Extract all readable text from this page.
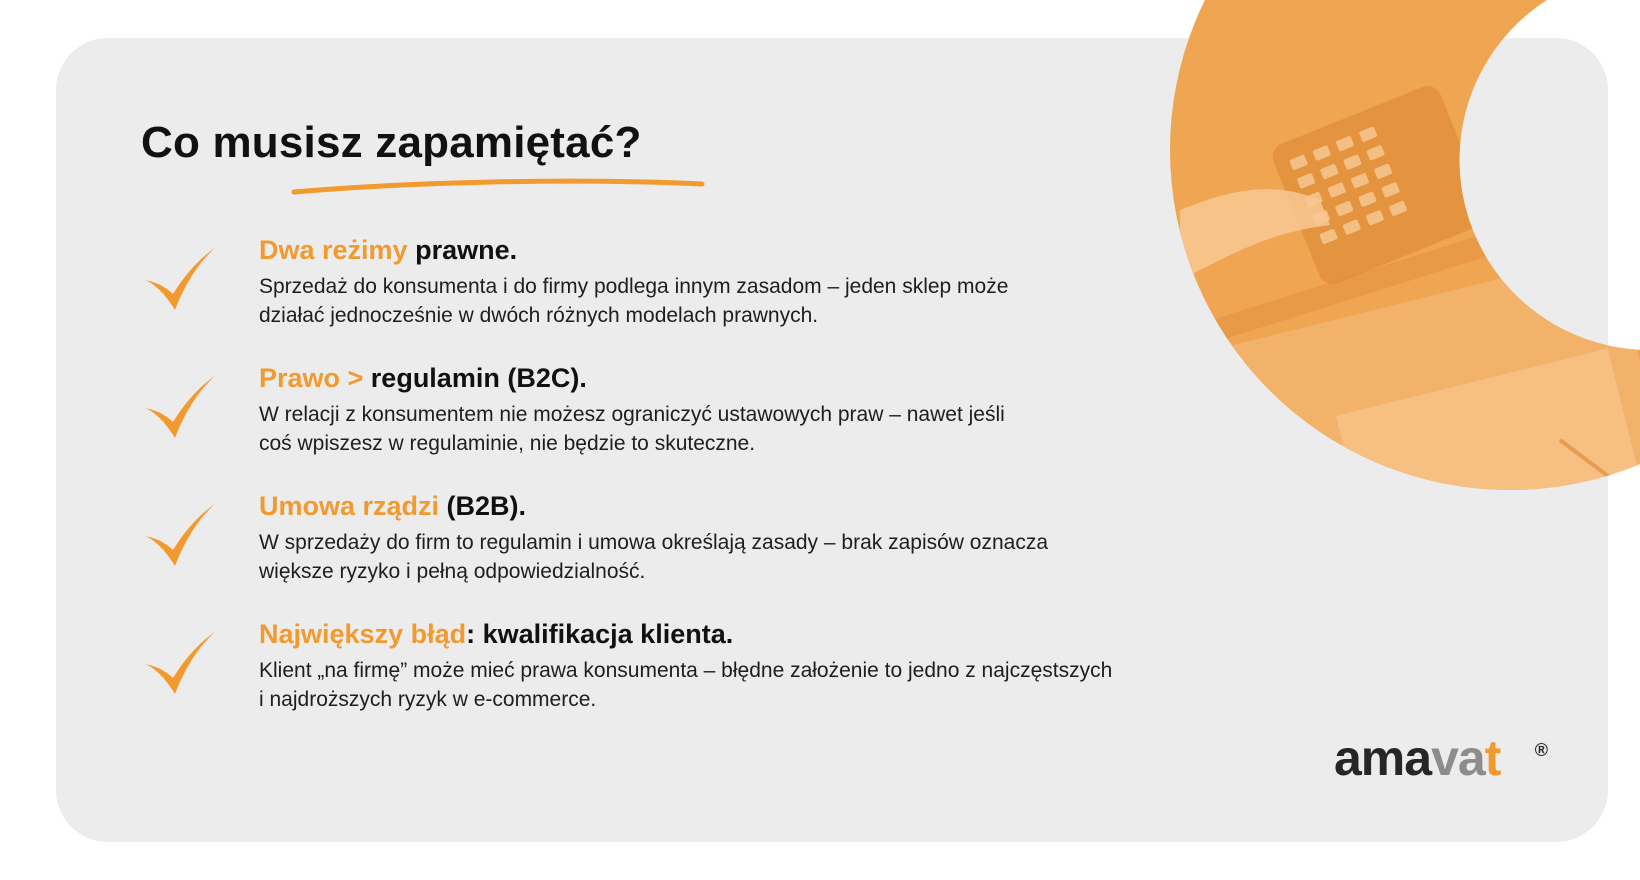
Co musisz zapamiętać?

Dwa reżimy prawne.

Sprzedaż do konsumenta i do firmy podlega innym zasadom – jeden sklep może
działać jednocześnie w dwóch różnych modelach prawnych.

Prawo > regulamin (B2C).

W relacji z konsumentem nie możesz ograniczyć ustawowych praw – nawet jeśli
coś wpiszesz w regulaminie, nie będzie to skuteczne.

Umowa rządzi (B2B).

W sprzedaży do firm to regulamin i umowa określają zasady – brak zapisów oznacza
większe ryzyko i pełną odpowiedzialność.

Największy błąd: kwalifikacja klienta.

Klient „na firmę” może mieć prawa konsumenta – błędne założenie to jedno z najczęstszych
i najdroższych ryzyk w e-commerce.

amavat ®
